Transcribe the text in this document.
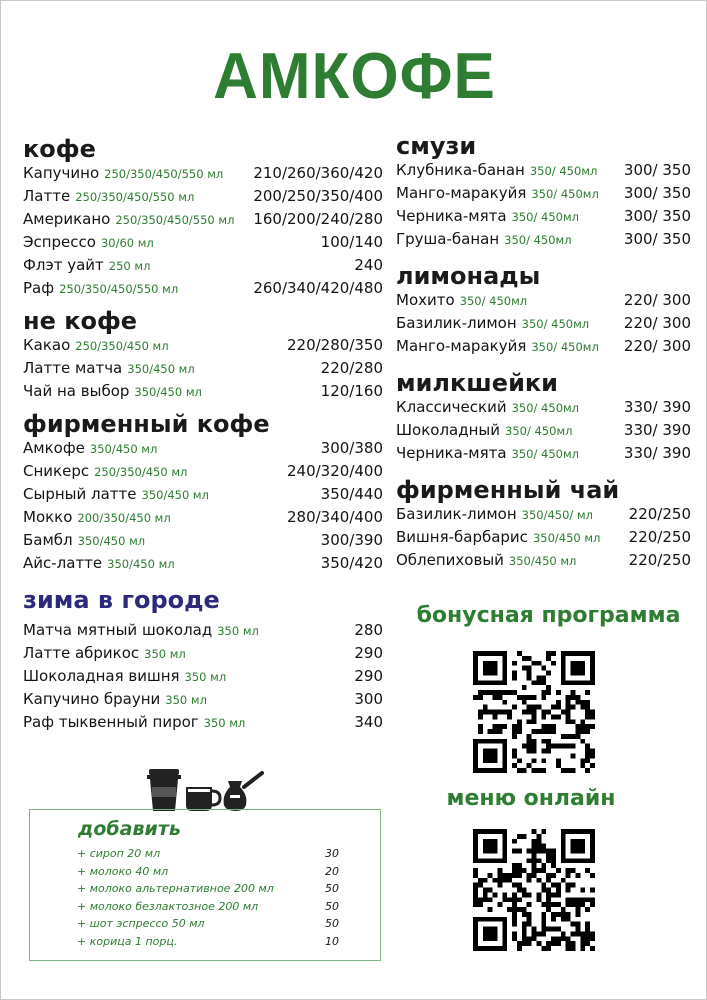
АМКОФЕ
кофе
Капучино 250/350/450/550 мл 210/260/360/420
Латте 250/350/450/550 мл	200/250/350/400
Американо 250/350/450/550 мл 160/200/240/280
Эспрессо 30/60 мл	100/140
Флэт уайт 250 мл	240
Раф 250/350/450/550 мл	260/340/420/480
не кофе
Какао 250/350/450 мл	220/280/350
Латте матча 350/450 мл	220/280
Чай на выбор 350/450 мл	120/160
фирменный кофе
Амкофе 350/450 мл	300/380
Сникерс 250/350/450 мл	240/320/400
Сырный латте 350/450 мл	350/440
Мокко 200/350/450 мл	280/340/400
Бамбл 350/450 мл	300/390
Айс-латте 350/450 мл	350/420
зима в городе
Матча мятный шоколад 350 мл	280
Латте абрикос 350 мл	290
Шоколадная вишня 350 мл	290
Капучино брауни 350 мл	300
Раф тыквенный пирог 350 мл	340
смузи
Клубника-банан 350/ 450мл 300/ 350
Манго-маракуйя 350/ 450мл 300/ 350
Черника-мята 350/ 450мл	300/ 350
Груша-банан 350/ 450мл	300/ 350
лимонады
Мохито 350/ 450мл	220/ 300
Базилик-лимон 350/ 450мл 220/ 300
Манго-маракуйя 350/ 450мл 220/ 300
милкшейки
Классический 350/ 450мл	330/ 390
Шоколадный 350/ 450мл	330/ 390
Черника-мята 350/ 450мл	330/ 390
фирменный чай
Базилик-лимон 350/450/ мл 220/250
Вишня-барбарис 350/450 мл 220/250
Облепиховый 350/450 мл	220/250
бонусная программа
меню онлайн
добавить
+ сироп 20 мл	30
+ молоко 40 мл	20
+ молоко альтернативное 200 мл	50
+ молоко безлактозное 200 мл	50
+ шот эспрессо 50 мл	50
+ корица 1 порц.	10
